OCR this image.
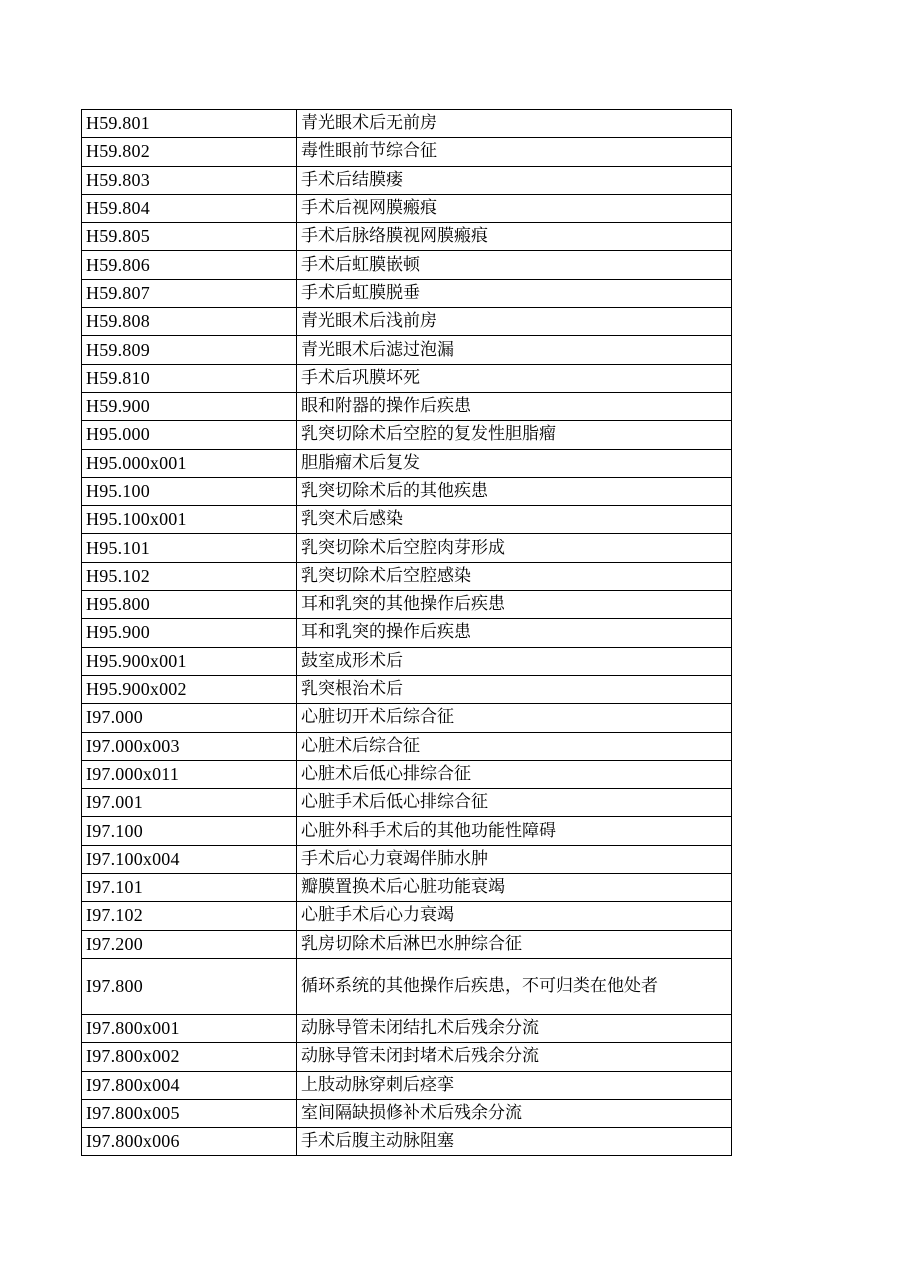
H59.801	青光眼术后无前房
H59.802	毒性眼前节综合征
H59.803	手术后结膜瘘
H59.804	手术后视网膜瘢痕
H59.805	手术后脉络膜视网膜瘢痕
H59.806	手术后虹膜嵌顿
H59.807	手术后虹膜脱垂
H59.808	青光眼术后浅前房
H59.809	青光眼术后滤过泡漏
H59.810	手术后巩膜坏死
H59.900	眼和附器的操作后疾患
H95.000	乳突切除术后空腔的复发性胆脂瘤
H95.000x001	胆脂瘤术后复发
H95.100	乳突切除术后的其他疾患
H95.100x001	乳突术后感染
H95.101	乳突切除术后空腔肉芽形成
H95.102	乳突切除术后空腔感染
H95.800	耳和乳突的其他操作后疾患
H95.900	耳和乳突的操作后疾患
H95.900x001	鼓室成形术后
H95.900x002	乳突根治术后
I97.000	心脏切开术后综合征
I97.000x003	心脏术后综合征
I97.000x011	心脏术后低心排综合征
I97.001	心脏手术后低心排综合征
I97.100	心脏外科手术后的其他功能性障碍
I97.100x004	手术后心力衰竭伴肺水肿
I97.101	瓣膜置换术后心脏功能衰竭
I97.102	心脏手术后心力衰竭
I97.200	乳房切除术后淋巴水肿综合征
I97.800	循环系统的其他操作后疾患，不可归类在他处者
I97.800x001	动脉导管未闭结扎术后残余分流
I97.800x002	动脉导管未闭封堵术后残余分流
I97.800x004	上肢动脉穿刺后痉挛
I97.800x005	室间隔缺损修补术后残余分流
I97.800x006	手术后腹主动脉阻塞
